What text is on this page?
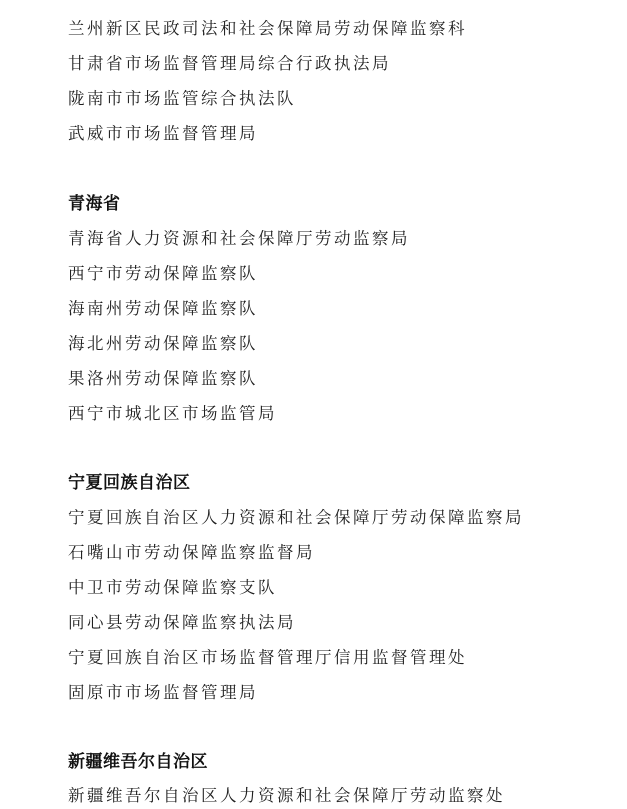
兰州新区民政司法和社会保障局劳动保障监察科
甘肃省市场监督管理局综合行政执法局
陇南市市场监管综合执法队
武威市市场监督管理局
青海省
青海省人力资源和社会保障厅劳动监察局
西宁市劳动保障监察队
海南州劳动保障监察队
海北州劳动保障监察队
果洛州劳动保障监察队
西宁市城北区市场监管局
宁夏回族自治区
宁夏回族自治区人力资源和社会保障厅劳动保障监察局
石嘴山市劳动保障监察监督局
中卫市劳动保障监察支队
同心县劳动保障监察执法局
宁夏回族自治区市场监督管理厅信用监督管理处
固原市市场监督管理局
新疆维吾尔自治区
新疆维吾尔自治区人力资源和社会保障厅劳动监察处
